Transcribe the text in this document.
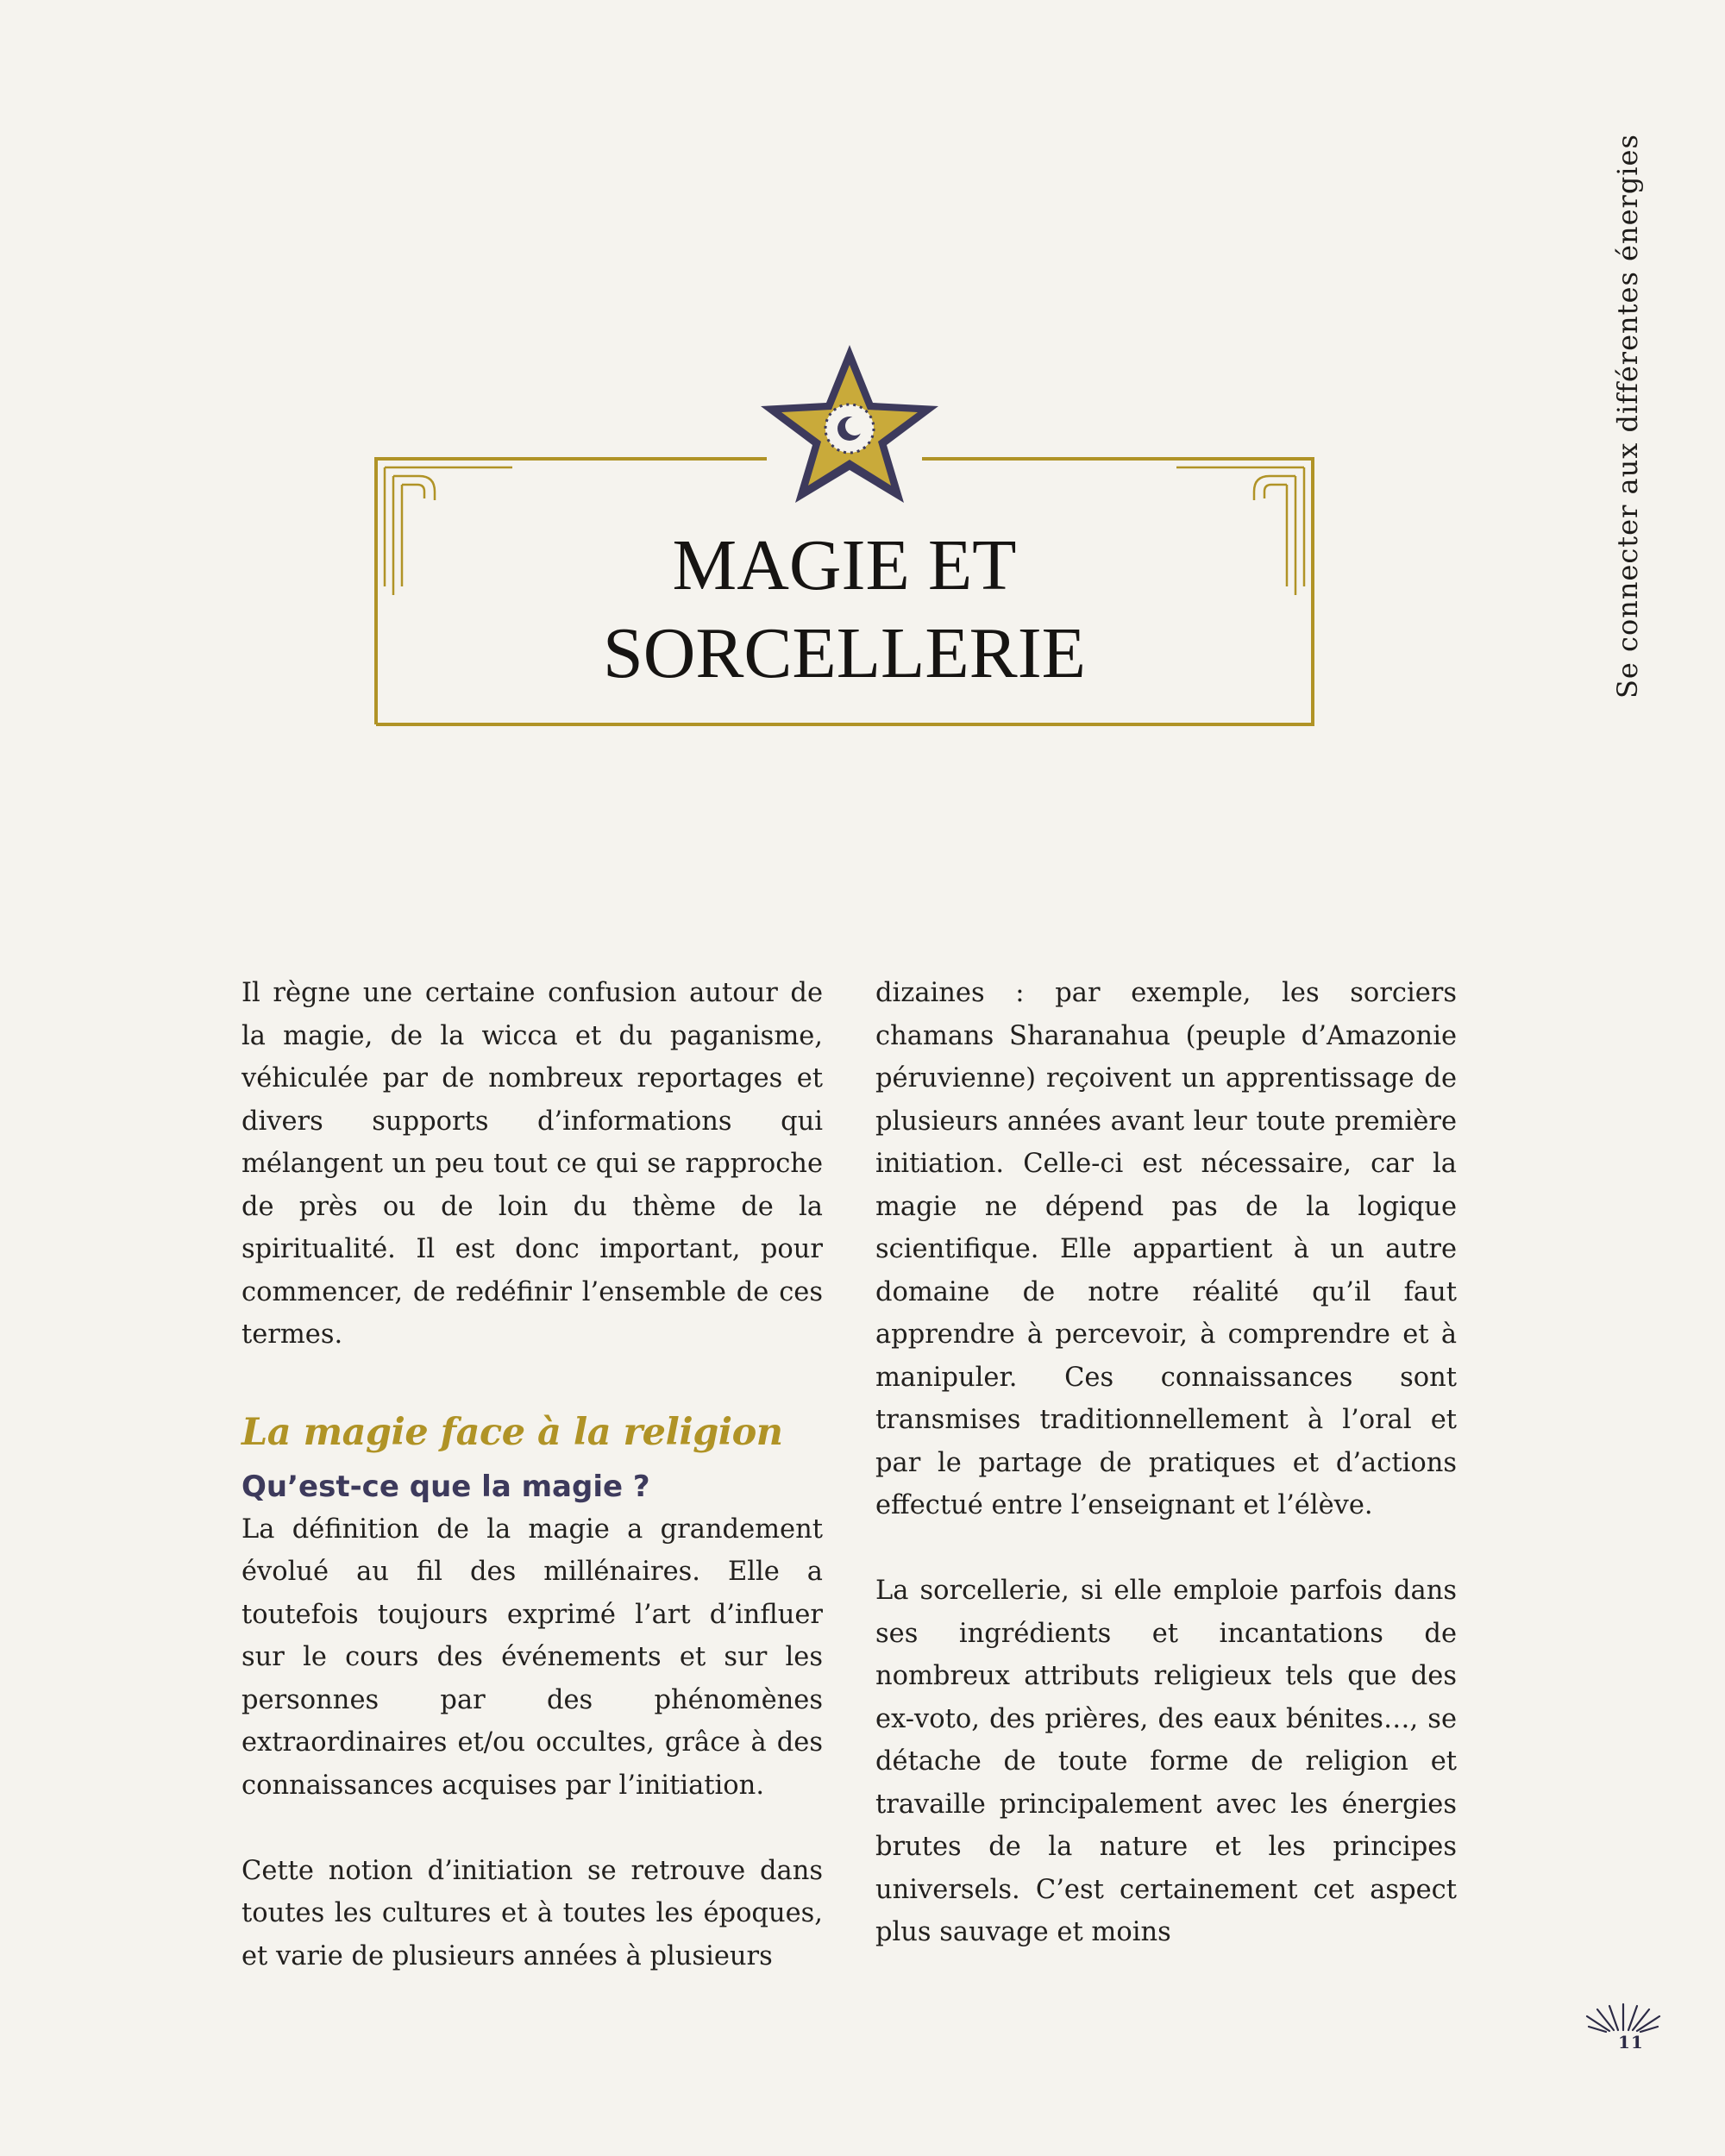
Se connecter aux différentes énergies
MAGIE ET
SORCELLERIE

Il règne une certaine confusion autour de la magie, de la wicca et du paganisme, véhiculée par de nombreux reportages et divers supports d’informations qui mélangent un peu tout ce qui se rapproche de près ou de loin du thème de la spiritualité. Il est donc important, pour commencer, de redéfinir l’ensemble de ces termes.

La magie face à la religion
Qu’est-ce que la magie ?

La définition de la magie a grandement évolué au fil des millénaires. Elle a toutefois toujours exprimé l’art d’influer sur le cours des événements et sur les personnes par des phénomènes extraordinaires et/ou occultes, grâce à des connaissances acquises par l’initiation.

Cette notion d’initiation se retrouve dans toutes les cultures et à toutes les époques, et varie de plusieurs années à plusieurs

dizaines : par exemple, les sorciers chamans Sharanahua (peuple d’Amazonie péruvienne) reçoivent un apprentissage de plusieurs années avant leur toute première initiation. Celle-ci est nécessaire, car la magie ne dépend pas de la logique scientifique. Elle appartient à un autre domaine de notre réalité qu’il faut apprendre à percevoir, à comprendre et à manipuler. Ces connaissances sont transmises traditionnellement à l’oral et par le partage de pratiques et d’actions effectué entre l’enseignant et l’élève.

La sorcellerie, si elle emploie parfois dans ses ingrédients et incantations de nombreux attributs religieux tels que des ex-voto, des prières, des eaux bénites…, se détache de toute forme de religion et travaille principalement avec les énergies brutes de la nature et les principes universels. C’est certainement cet aspect plus sauvage et moins

11
